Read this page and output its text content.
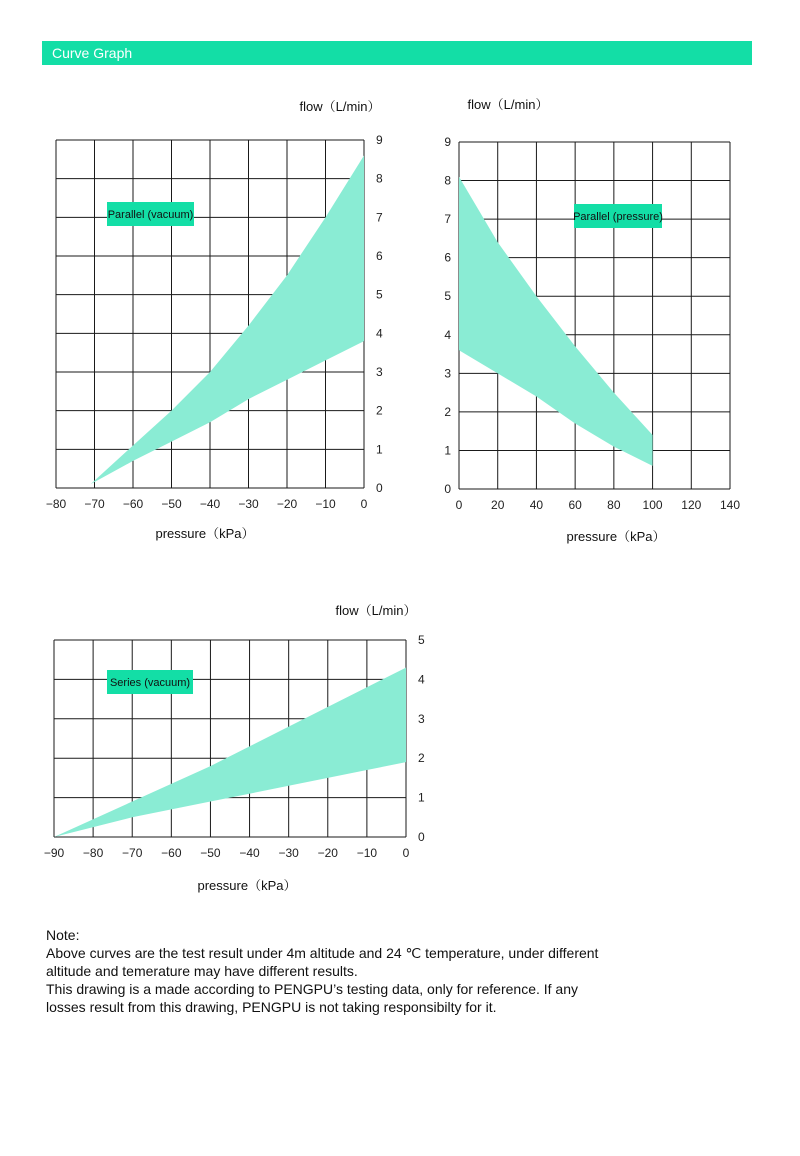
Curve Graph
−80 −70 −60 −50 −40 −30 −20 −10 0
0
1
2
3
4
5
6
7
8
9
flow（L/min）
pressure（kPa）
Parallel (vacuum)
0 20 40 60 80 100 120 140
0
1
2
3
4
5
6
7
8
9
flow（L/min）
pressure（kPa）
Parallel (pressure)
−90 −80 −70 −60 −50 −40 −30 −20 −10 0
0
1
2
3
4
5
flow（L/min）
pressure（kPa）
Series (vacuum)
Note:
Above curves are the test result under 4m altitude and 24 ℃ temperature, under different
altitude and temerature may have different results.
This drawing is a made according to PENGPU’s testing data, only for reference. If any
losses result from this drawing, PENGPU is not taking responsibilty for it.
